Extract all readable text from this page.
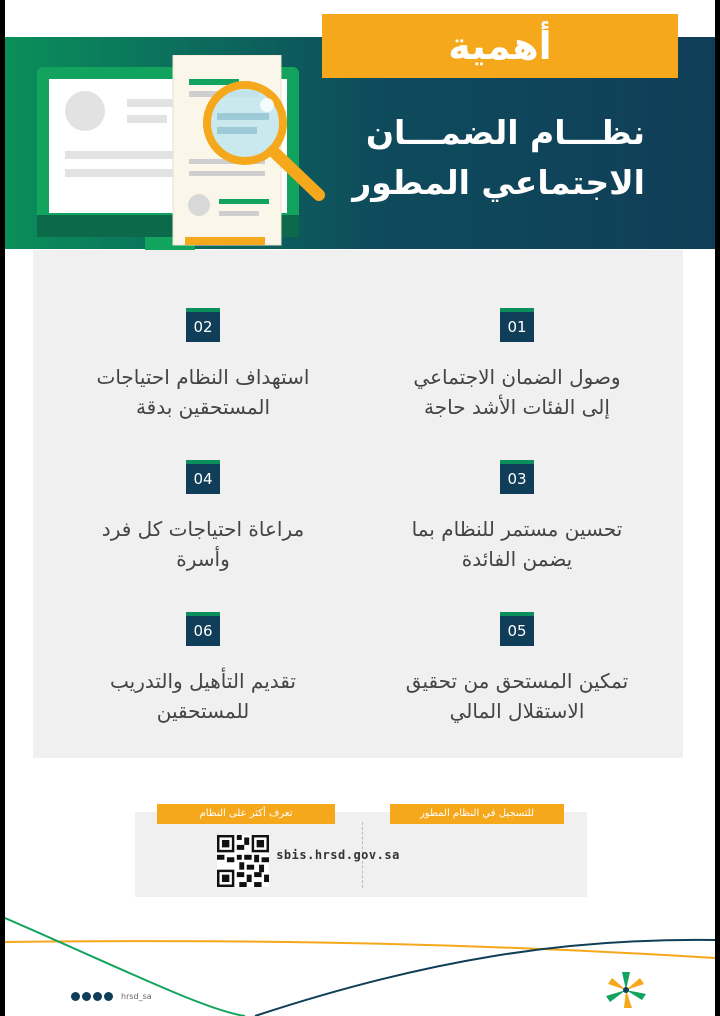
أهمية
نظـــام الضمـــان
الاجتماعي المطور
01
وصول الضمان الاجتماعي
إلى الفئات الأشد حاجة
02
استهداف النظام احتياجات
المستحقين بدقة
03
تحسين مستمر للنظام بما
يضمن الفائدة
04
مراعاة احتياجات كل فرد
وأسرة
05
تمكين المستحق من تحقيق
الاستقلال المالي
06
تقديم التأهيل والتدريب
للمستحقين
للتسجيل في النظام المطور
تعرف أكثر على النظام
sbis.hrsd.gov.sa
hrsd_sa
